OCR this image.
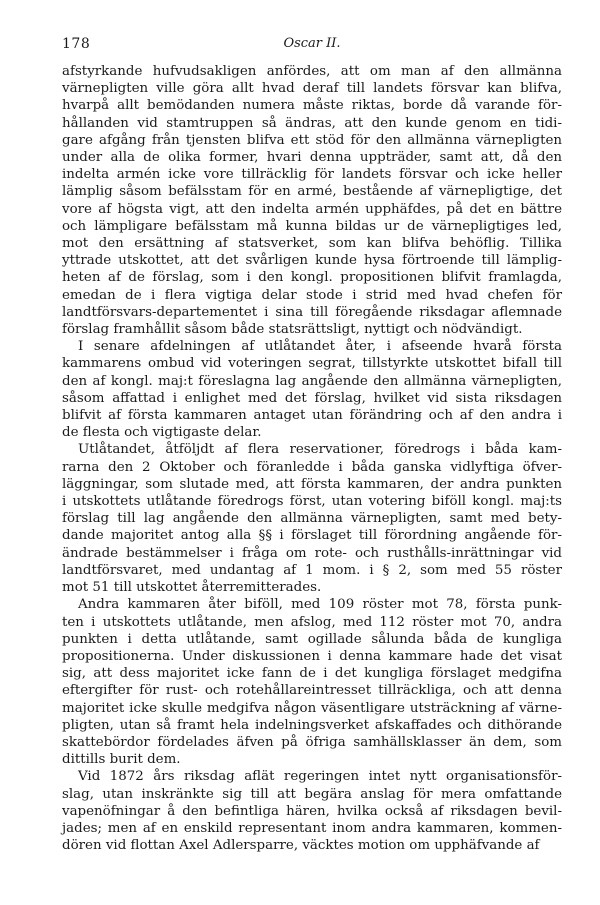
178	Oscar II.

afstyrkande hufvudsakligen anfördes, att om man af den allmänna
värnepligten ville göra allt hvad deraf till landets försvar kan blifva,
hvarpå allt bemödanden numera måste riktas, borde då varande för-
hållanden vid stamtruppen så ändras, att den kunde genom en tidi-
gare afgång från tjensten blifva ett stöd för den allmänna värnepligten
under alla de olika former, hvari denna uppträder, samt att, då den
indelta armén icke vore tillräcklig för landets försvar och icke heller
lämplig såsom befälsstam för en armé, bestående af värnepligtige, det
vore af högsta vigt, att den indelta armén upphäfdes, på det en bättre
och lämpligare befälsstam må kunna bildas ur de värnepligtiges led,
mot den ersättning af statsverket, som kan blifva behöflig. Tillika
yttrade utskottet, att det svårligen kunde hysa förtroende till lämplig-
heten af de förslag, som i den kongl. propositionen blifvit framlagda,
emedan de i flera vigtiga delar stode i strid med hvad chefen för
landtförsvars-departementet i sina till föregående riksdagar aflemnade
förslag framhållit såsom både statsrättsligt, nyttigt och nödvändigt.

I senare afdelningen af utlåtandet åter, i afseende hvarå första
kammarens ombud vid voteringen segrat, tillstyrkte utskottet bifall till
den af kongl. maj:t föreslagna lag angående den allmänna värnepligten,
såsom affattad i enlighet med det förslag, hvilket vid sista riksdagen
blifvit af första kammaren antaget utan förändring och af den andra i
de flesta och vigtigaste delar.

Utlåtandet, åtföljdt af flera reservationer, föredrogs i båda kam-
rarna den 2 Oktober och föranledde i båda ganska vidlyftiga öfver-
läggningar, som slutade med, att första kammaren, der andra punkten
i utskottets utlåtande föredrogs först, utan votering biföll kongl. maj:ts
förslag till lag angående den allmänna värnepligten, samt med bety-
dande majoritet antog alla §§ i förslaget till förordning angående för-
ändrade bestämmelser i fråga om rote- och rusthålls-inrättningar vid
landtförsvaret, med undantag af 1 mom. i § 2, som med 55 röster
mot 51 till utskottet återremitterades.

Andra kammaren åter biföll, med 109 röster mot 78, första punk-
ten i utskottets utlåtande, men afslog, med 112 röster mot 70, andra
punkten i detta utlåtande, samt ogillade sålunda båda de kungliga
propositionerna. Under diskussionen i denna kammare hade det visat
sig, att dess majoritet icke fann de i det kungliga förslaget medgifna
eftergifter för rust- och rotehållareintresset tillräckliga, och att denna
majoritet icke skulle medgifva någon väsentligare utsträckning af värne-
pligten, utan så framt hela indelningsverket afskaffades och dithörande
skattebördor fördelades äfven på öfriga samhällsklasser än dem, som
dittills burit dem.

Vid 1872 års riksdag aflät regeringen intet nytt organisationsför-
slag, utan inskränkte sig till att begära anslag för mera omfattande
vapenöfningar å den befintliga hären, hvilka också af riksdagen bevil-
jades; men af en enskild representant inom andra kammaren, kommen-
dören vid flottan Axel Adlersparre, väcktes motion om upphäfvande af
